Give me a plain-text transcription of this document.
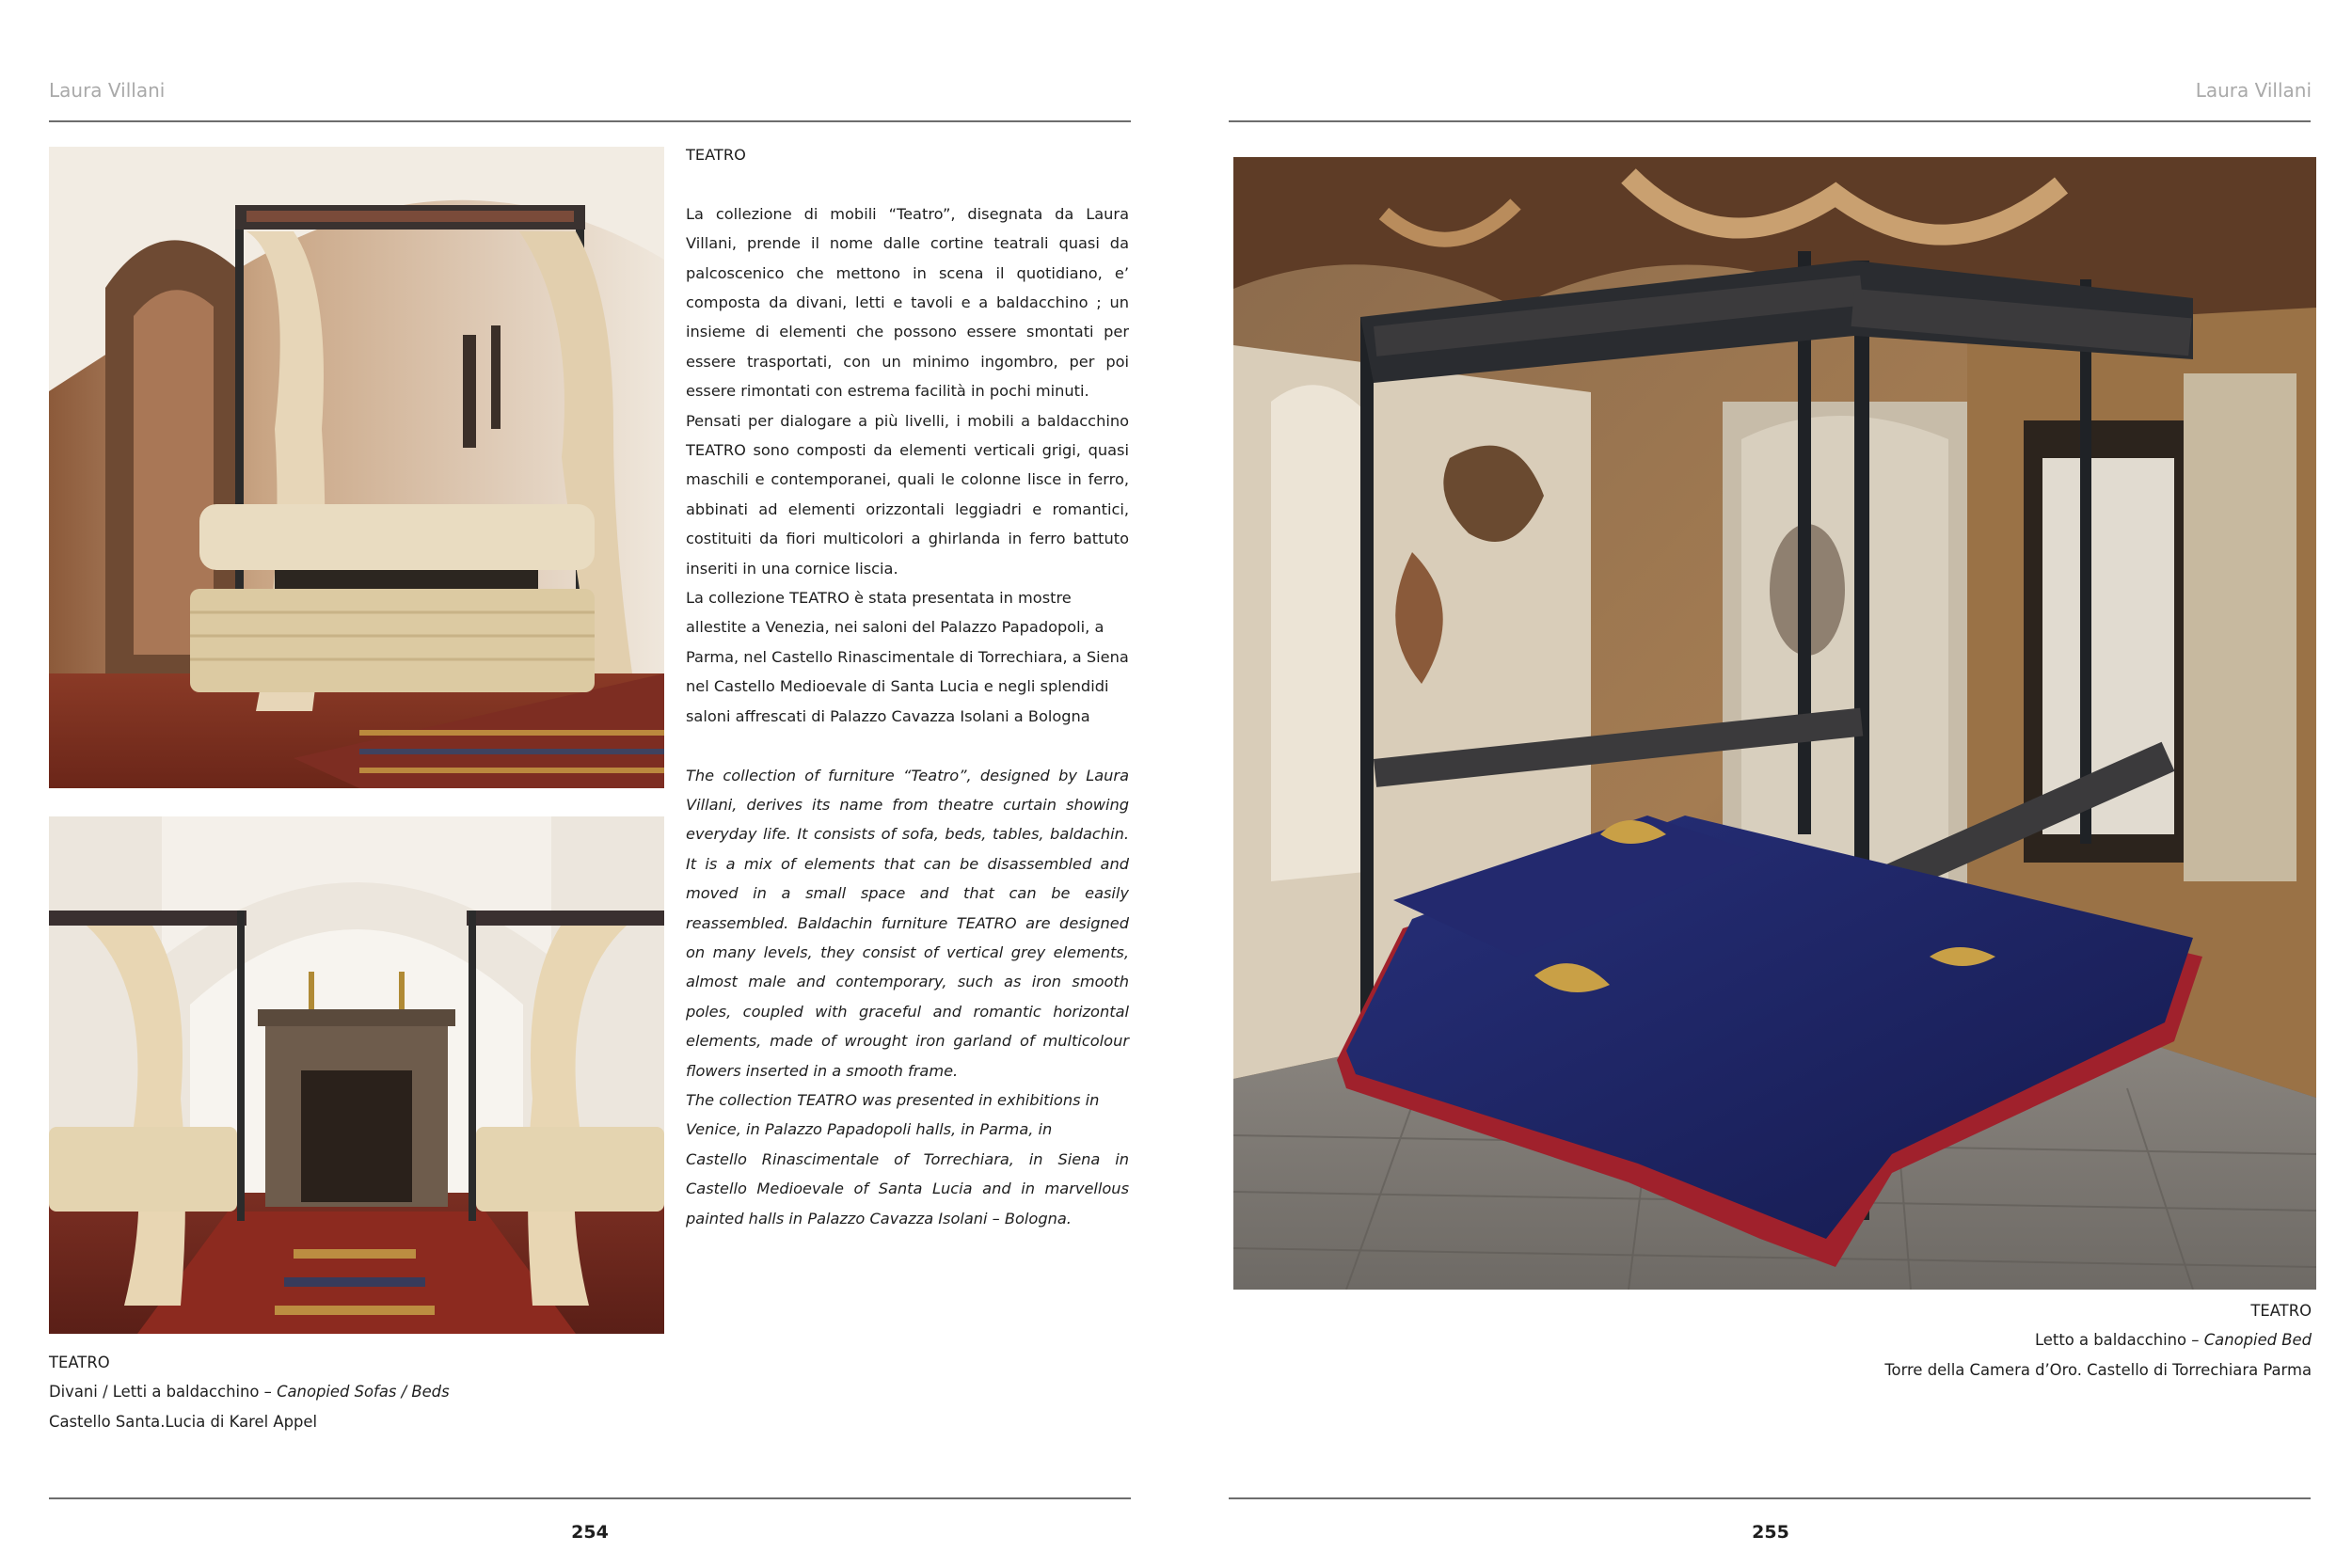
Laura Villani
TEATRO
Divani / Letti a baldacchino – Canopied Sofas / Beds
Castello Santa.Lucia di Karel Appel

TEATRO

La collezione di mobili “Teatro”, disegnata da Laura Villani, prende il nome dalle cortine teatrali quasi da palcoscenico che mettono in scena il quotidiano, e’ composta da divani, letti e tavoli e a baldacchino ; un insieme di elementi che possono essere smontati per essere trasportati, con un minimo ingombro, per poi essere rimontati con estrema facilità in pochi minuti.

Pensati per dialogare a più livelli, i mobili a baldacchino TEATRO sono composti da elementi verticali grigi, quasi maschili e contemporanei, quali le colonne lisce in ferro, abbinati ad elementi orizzontali leggiadri e romantici, costituiti da fiori multicolori a ghirlanda in ferro battuto inseriti in una cornice liscia.

La collezione TEATRO è stata presentata in mostre allestite a Venezia, nei saloni del Palazzo Papadopoli, a Parma, nel Castello Rinascimentale di Torrechiara, a Siena nel Castello Medioevale di Santa Lucia e negli splendidi saloni affrescati di Palazzo Cavazza Isolani a Bologna

The collection of furniture “Teatro”, designed by Laura Villani, derives its name from theatre curtain showing everyday life. It consists of sofa, beds, tables, baldachin. It is a mix of elements that can be disassembled and moved in a small space and that can be easily reassembled. Baldachin furniture TEATRO are designed on many levels, they consist of vertical grey elements, almost male and contemporary, such as iron smooth poles, coupled with graceful and romantic horizontal elements, made of wrought iron garland of multicolour flowers inserted in a smooth frame.

The collection TEATRO was presented in exhibitions in Venice, in Palazzo Papadopoli halls, in Parma, in

Castello Rinascimentale of Torrechiara, in Siena in Castello Medioevale of Santa Lucia and in marvellous painted halls in Palazzo Cavazza Isolani – Bologna.

254
Laura Villani
TEATRO
Letto a baldacchino – Canopied Bed
Torre della Camera d’Oro. Castello di Torrechiara Parma
255
